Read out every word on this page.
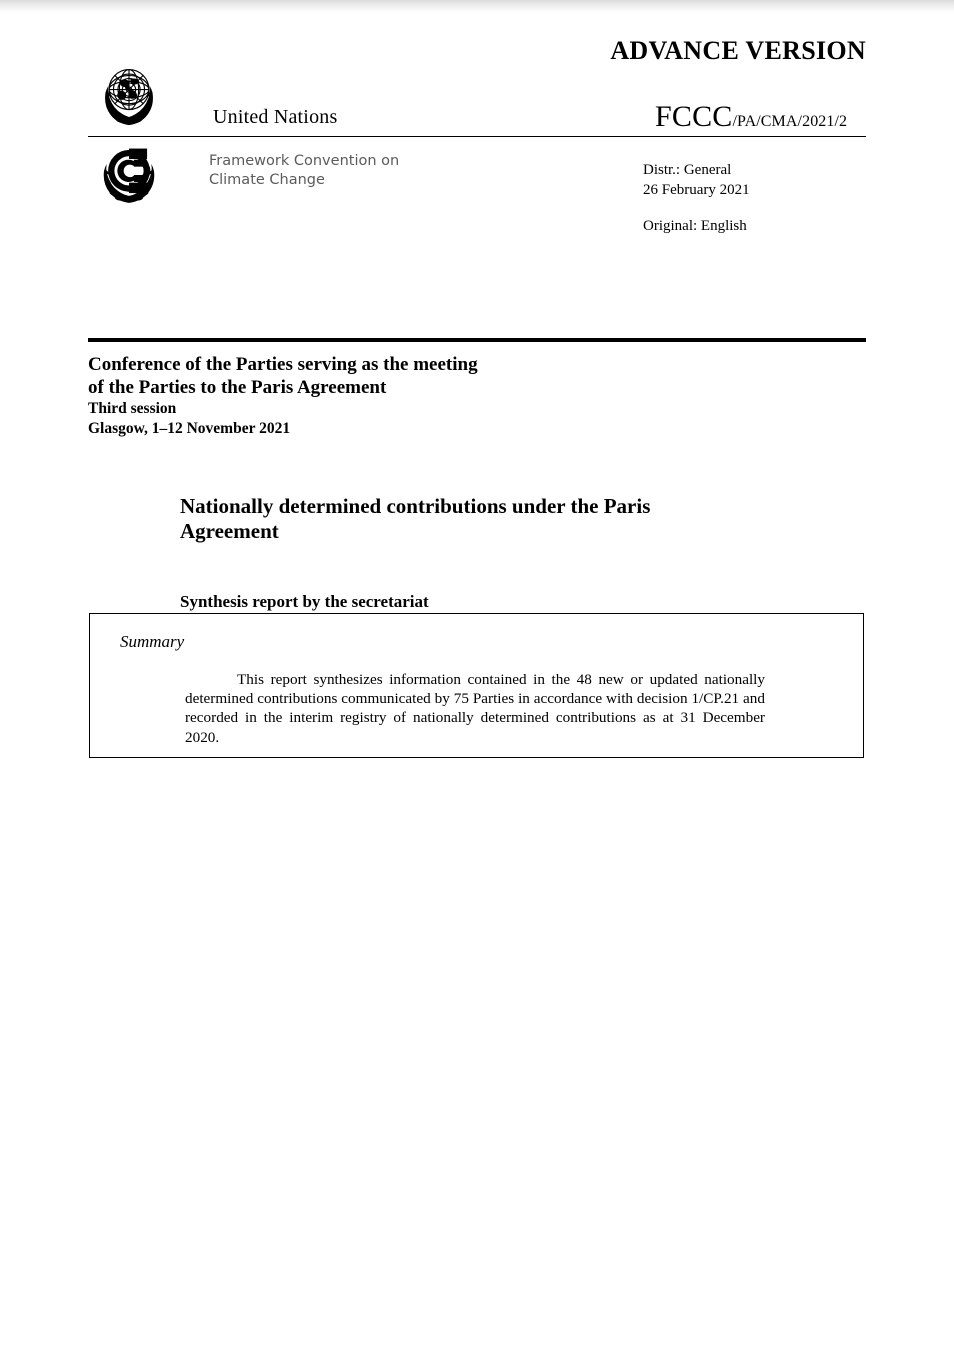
ADVANCE VERSION
United Nations
Framework Convention on
Climate Change
FCCC/PA/CMA/2021/2
Distr.: General
26 February 2021
Original: English
Conference of the Parties serving as the meeting
of the Parties to the Paris Agreement
Third session
Glasgow, 1–12 November 2021
Nationally determined contributions under the Paris Agreement
Synthesis report by the secretariat
Summary

This report synthesizes information contained in the 48 new or updated nationally determined contributions communicated by 75 Parties in accordance with decision 1/CP.21 and recorded in the interim registry of nationally determined contributions as at 31 December 2020.
